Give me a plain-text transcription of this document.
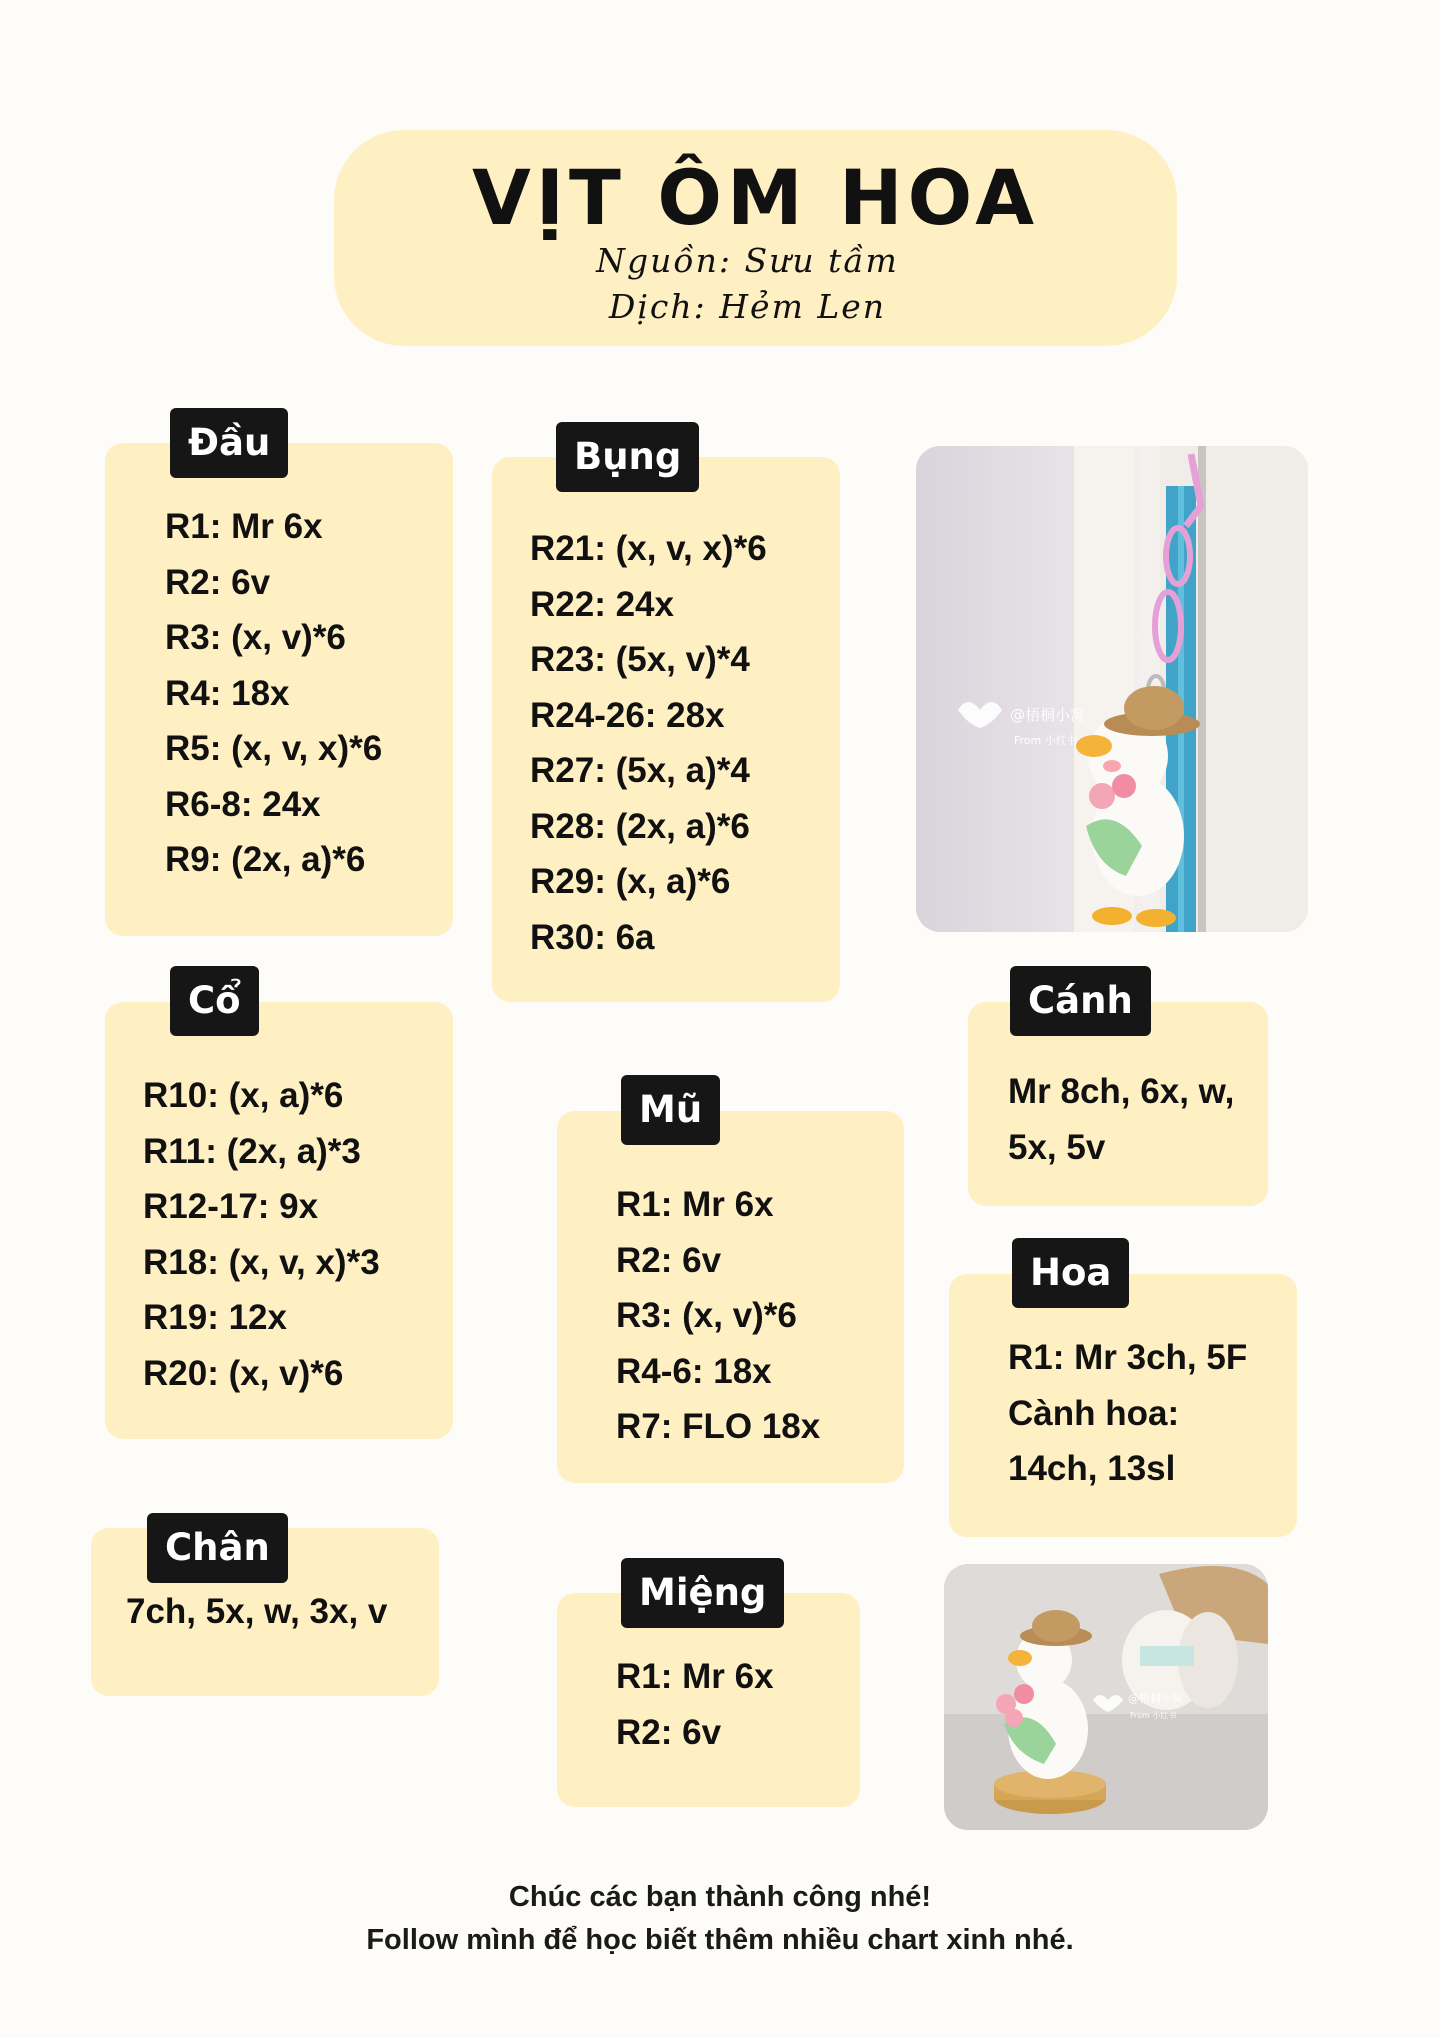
VỊT ÔM HOA
Nguồn: Sưu tầm
Dịch: Hẻm Len
R1: Mr 6x
R2: 6v
R3: (x, v)*6
R4: 18x
R5: (x, v, x)*6
R6-8: 24x
R9: (2x, a)*6
Đầu
R21: (x, v, x)*6
R22: 24x
R23: (5x, v)*4
R24-26: 28x
R27: (5x, a)*4
R28: (2x, a)*6
R29: (x, a)*6
R30: 6a
Bụng
@梧桐小窝
From 小红书
R10: (x, a)*6
R11: (2x, a)*3
R12-17: 9x
R18: (x, v, x)*3
R19: 12x
R20: (x, v)*6
Cổ
R1: Mr 6x
R2: 6v
R3: (x, v)*6
R4-6: 18x
R7: FLO 18x
Mũ	Mr 8ch, 6x, w,
5x, 5v
Cánh
R1: Mr 3ch, 5F
Cành hoa:
14ch, 13sl
Hoa
7ch, 5x, w, 3x, v
Chân
R1: Mr 6x
R2: 6v
Miệng
@梧桐小窝
From 小红书
Chúc các bạn thành công nhé!
Follow mình để học biết thêm nhiều chart xinh nhé.
